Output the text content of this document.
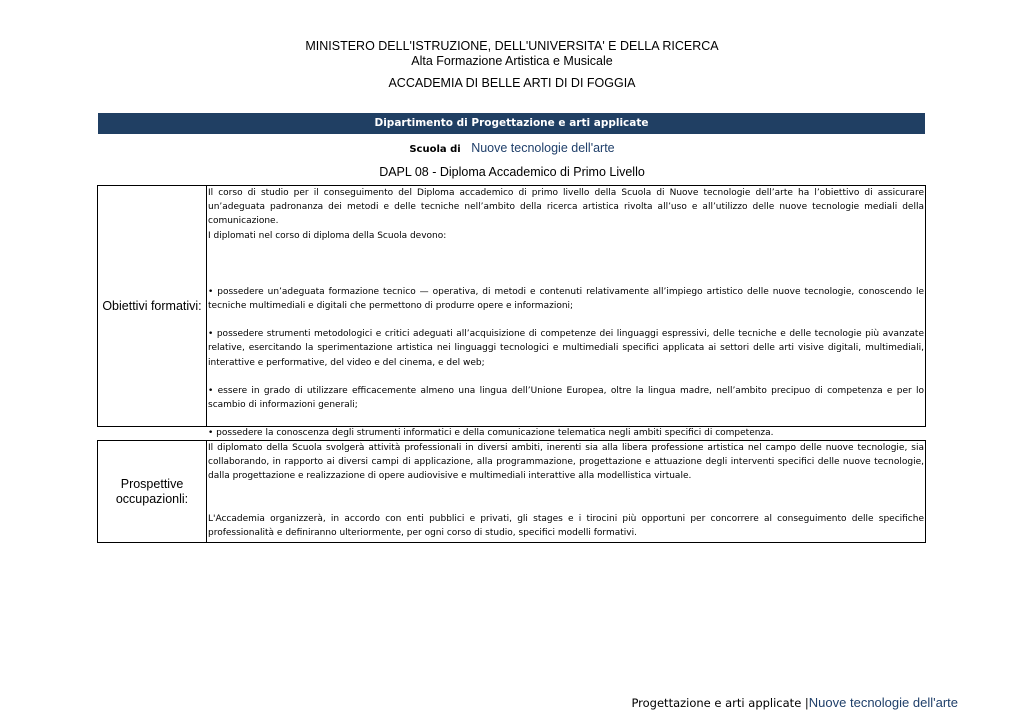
MINISTERO DELL'ISTRUZIONE, DELL'UNIVERSITA' E DELLA RICERCA
Alta Formazione Artistica e Musicale
ACCADEMIA DI BELLE ARTI DI DI FOGGIA
Dipartimento di Progettazione e arti applicate
Scuola di Nuove tecnologie dell'arte
DAPL 08 - Diploma Accademico di Primo Livello
Obiettivi formativi:

Il corso di studio per il conseguimento del Diploma accademico di primo livello della Scuola di Nuove tecnologie dell’arte ha l’obiettivo di assicurare un’adeguata padronanza dei metodi e delle tecniche nell’ambito della ricerca artistica rivolta all’uso e all’utilizzo delle nuove tecnologie mediali della comunicazione.

I diplomati nel corso di diploma della Scuola devono:

• possedere un’adeguata formazione tecnico — operativa, di metodi e contenuti relativamente all’impiego artistico delle nuove tecnologie, conoscendo le tecniche multimediali e digitali che permettono di produrre opere e informazioni;

• possedere strumenti metodologici e critici adeguati all’acquisizione di competenze dei linguaggi espressivi, delle tecniche e delle tecnologie più avanzate relative, esercitando la sperimentazione artistica nei linguaggi tecnologici e multimediali specifici applicata ai settori delle arti visive digitali, multimediali, interattive e performative, del video e del cinema, e del web;

• essere in grado di utilizzare efficacemente almeno una lingua dell’Unione Europea, oltre la lingua madre, nell’ambito precipuo di competenza e per lo scambio di informazioni generali;

• possedere la conoscenza degli strumenti informatici e della comunicazione telematica negli ambiti specifici di competenza.

Prospettive occupazionli:

Il diplomato della Scuola svolgerà attività professionali in diversi ambiti, inerenti sia alla libera professione artistica nel campo delle nuove tecnologie, sia collaborando, in rapporto ai diversi campi di applicazione, alla programmazione, progettazione e attuazione degli interventi specifici delle nuove tecnologie, dalla progettazione e realizzazione di opere audiovisive e multimediali interattive alla modellistica virtuale.

L'Accademia organizzerà, in accordo con enti pubblici e privati, gli stages e i tirocini più opportuni per concorrere al conseguimento delle specifiche professionalità e definiranno ulteriormente, per ogni corso di studio, specifici modelli formativi.

Progettazione e arti applicate |Nuove tecnologie dell'arte
